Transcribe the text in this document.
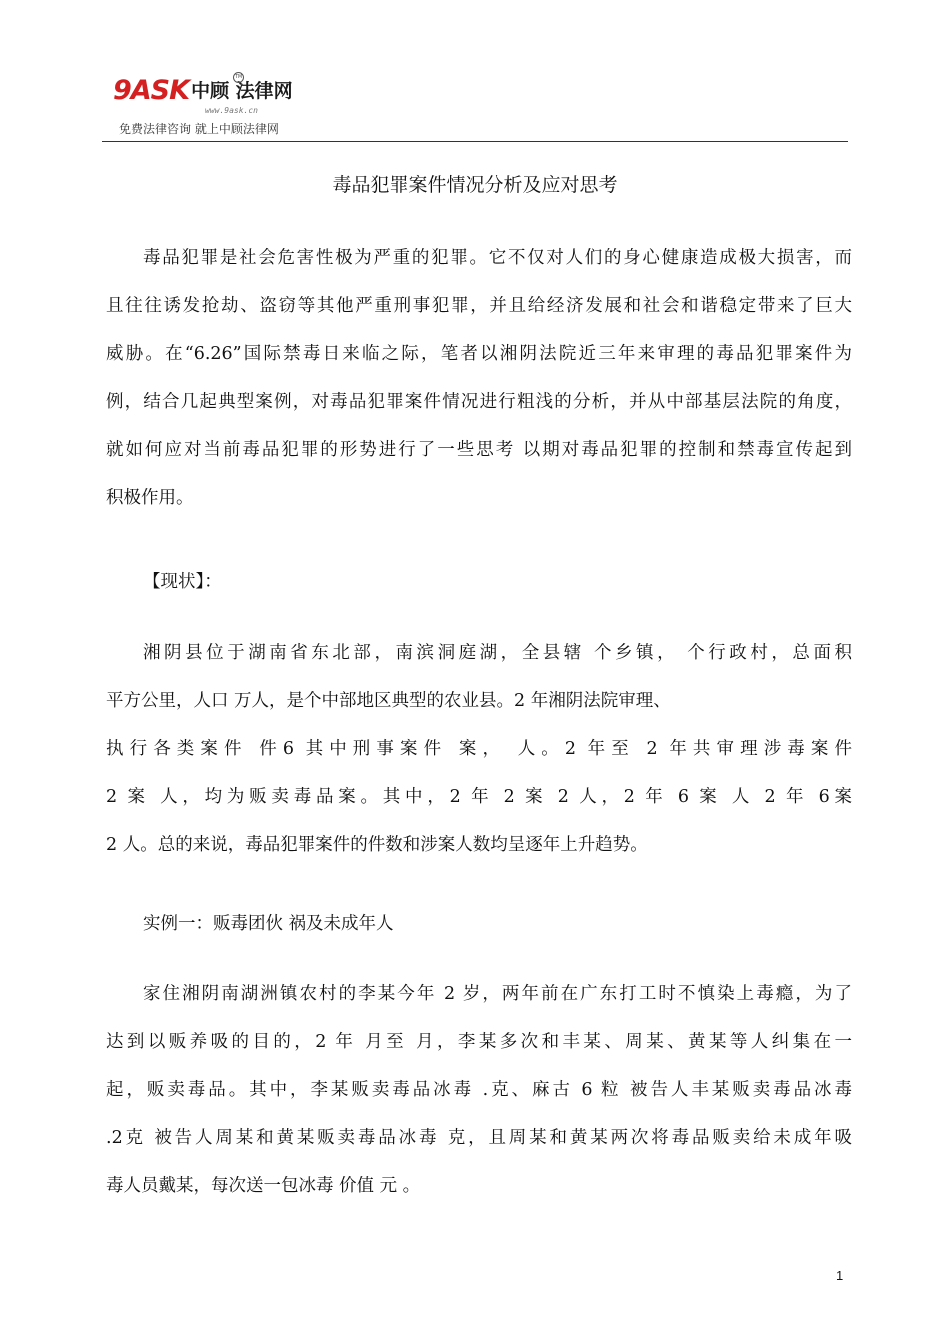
9ASK 中顾 法律网
TM
www.9ask.cn
免费法律咨询 就上中顾法律网
毒品犯罪案件情况分析及应对思考
毒品犯罪是社会危害性极为严重的犯罪。它不仅对人们的身心健康造成极大损害，而
且往往诱发抢劫、盗窃等其他严重刑事犯罪，并且给经济发展和社会和谐稳定带来了巨大
威胁。在“6.26”国际禁毒日来临之际，笔者以湘阴法院近三年来审理的毒品犯罪案件为
例，结合几起典型案例，对毒品犯罪案件情况进行粗浅的分析，并从中部基层法院的角度，
就如何应对当前毒品犯罪的形势进行了一些思考 以期对毒品犯罪的控制和禁毒宣传起到
积极作用。
【现状】：
湘阴县位于湖南省东北部，南滨洞庭湖，全县辖 个乡镇， 个行政村，总面积
平方公里，人口 万人，是个中部地区典型的农业县。2 年湘阴法院审理、
执行各类案件 件6 其中刑事案件 案， 人。2 年至 2 年共审理涉毒案件
2 案 人，均为贩卖毒品案。其中，2 年 2 案 2 人，2 年 6 案 人 2 年 6案
2 人。总的来说，毒品犯罪案件的件数和涉案人数均呈逐年上升趋势。
实例一：贩毒团伙 祸及未成年人
家住湘阴南湖洲镇农村的李某今年 2 岁，两年前在广东打工时不慎染上毒瘾，为了
达到以贩养吸的目的，2 年 月至 月，李某多次和丰某、周某、黄某等人纠集在一
起，贩卖毒品。其中，李某贩卖毒品冰毒 .克、麻古 6 粒 被告人丰某贩卖毒品冰毒
.2克 被告人周某和黄某贩卖毒品冰毒 克，且周某和黄某两次将毒品贩卖给未成年吸
毒人员戴某，每次送一包冰毒 价值 元 。
1
